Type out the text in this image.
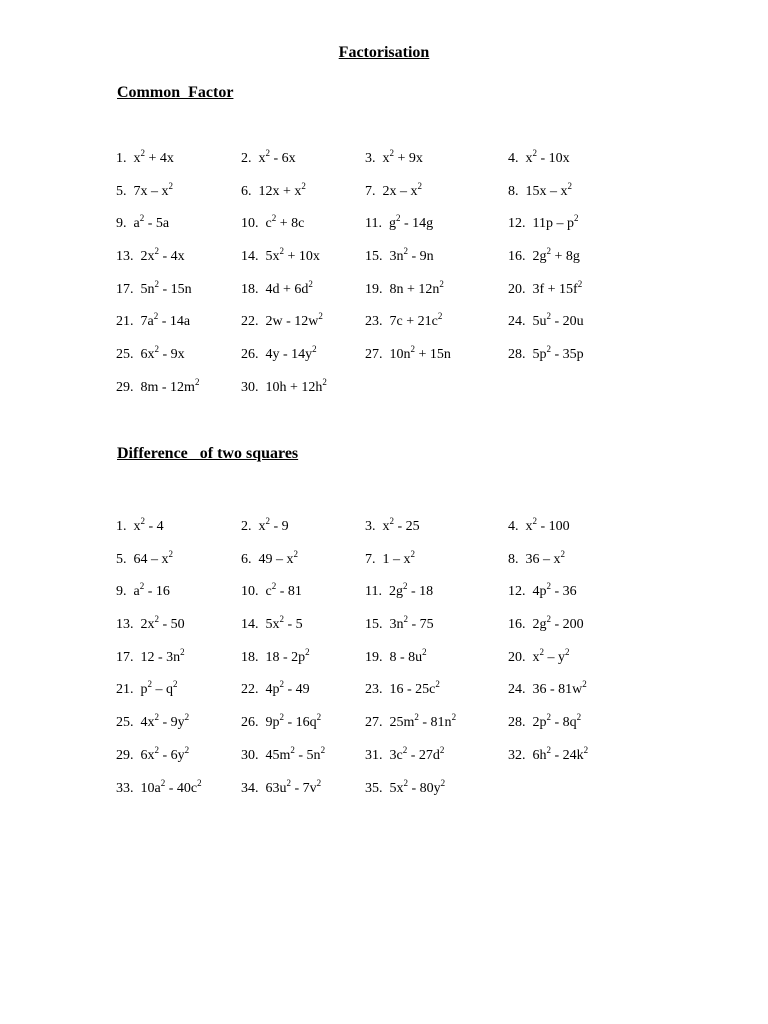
Factorisation
Common  Factor
1.  $x^2 + 4x$	2.  $x^2 - 6x$	3.  $x^2 + 9x$	4.  $x^2 - 10x$
5.  $7x - x^2$	6.  $12x + x^2$	7.  $2x - x^2$	8.  $15x - x^2$
9.  $a^2 - 5a$	10.  $c^2 + 8c$	11.  $g^2 - 14g$	12.  $11p - p^2$
13.  $2x^2 - 4x$	14.  $5x^2 + 10x$	15.  $3n^2 - 9n$	16.  $2g^2 + 8g$
17.  $5n^2 - 15n$	18.  $4d + 6d^2$	19.  $8n + 12n^2$	20.  $3f + 15f^2$
21.  $7a^2 - 14a$	22.  $2w - 12w^2$	23.  $7c + 21c^2$	24.  $5u^2 - 20u$
25.  $6x^2 - 9x$	26.  $4y - 14y^2$	27.  $10n^2 + 15n$	28.  $5p^2 - 35p$
29.  $8m - 12m^2$	30.  $10h + 12h^2$
Difference   of two squares
1.  $x^2 - 4$	2.  $x^2 - 9$	3.  $x^2 - 25$	4.  $x^2 - 100$
5.  $64 - x^2$	6.  $49 - x^2$	7.  $1 - x^2$	8.  $36 - x^2$
9.  $a^2 - 16$	10.  $c^2 - 81$	11.  $2g^2 - 18$	12.  $4p^2 - 36$
13.  $2x^2 - 50$	14.  $5x^2 - 5$	15.  $3n^2 - 75$	16.  $2g^2 - 200$
17.  $12 - 3n^2$	18.  $18 - 2p^2$	19.  $8 - 8u^2$	20.  $x^2 - y^2$
21.  $p^2 - q^2$	22.  $4p^2 - 49$	23.  $16 - 25c^2$	24.  $36 - 81w^2$
25.  $4x^2 - 9y^2$	26.  $9p^2 - 16q^2$	27.  $25m^2 - 81n^2$	28.  $2p^2 - 8q^2$
29.  $6x^2 - 6y^2$	30.  $45m^2 - 5n^2$	31.  $3c^2 - 27d^2$	32.  $6h^2 - 24k^2$
33.  $10a^2 - 40c^2$	34.  $63u^2 - 7v^2$	35.  $5x^2 - 80y^2$
